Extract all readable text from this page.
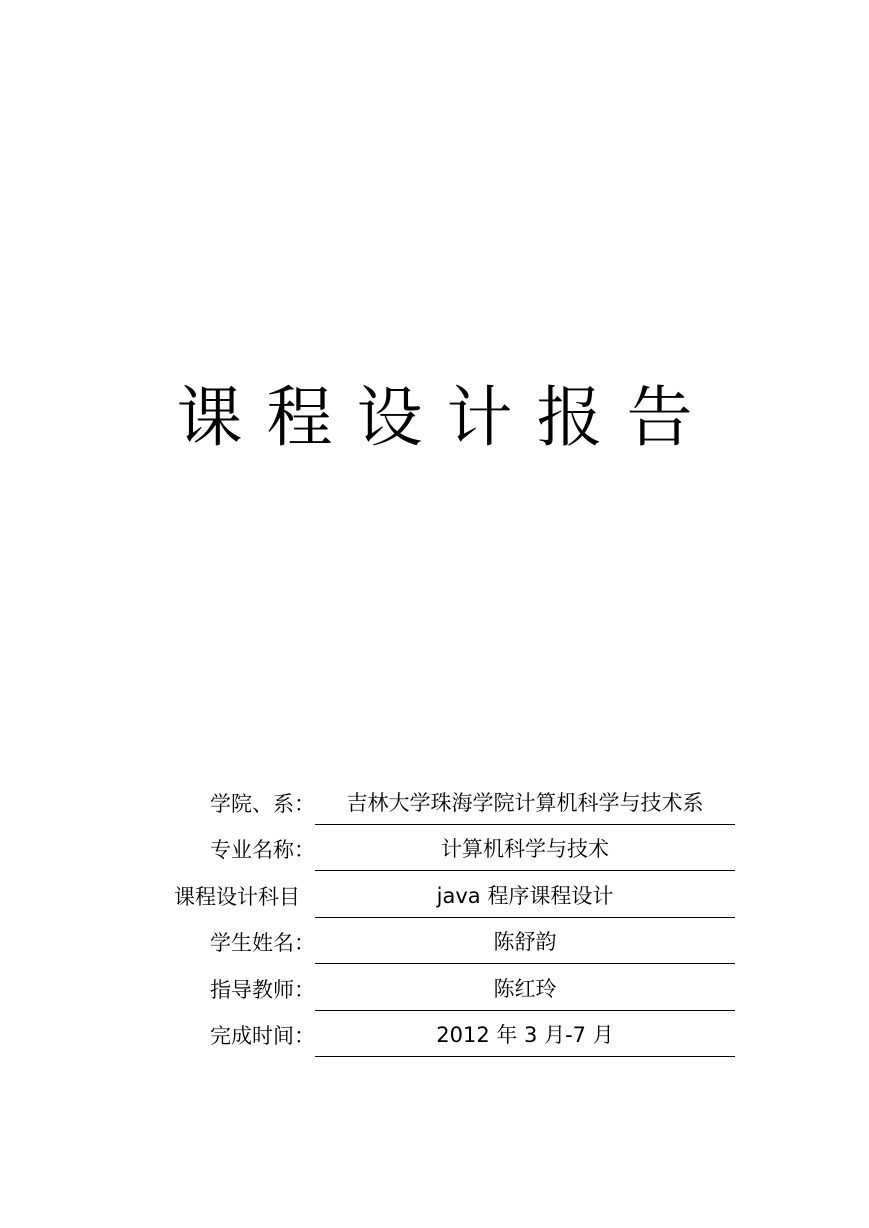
课程设计报告
学院、系：	吉林大学珠海学院计算机科学与技术系
专业名称：	计算机科学与技术
课程设计科目	java 程序课程设计
学生姓名：	陈舒韵
指导教师：	陈红玲
完成时间：	2012 年 3 月-7 月
